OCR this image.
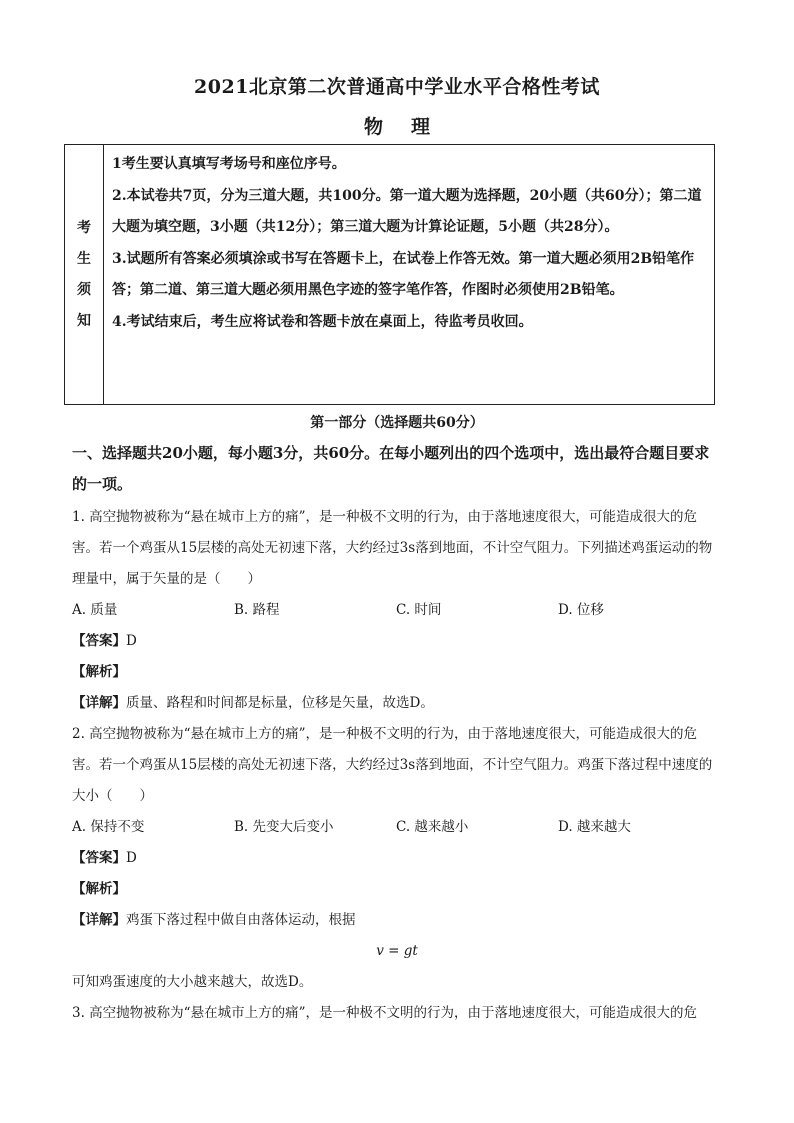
2021北京第二次普通高中学业水平合格性考试
物理
考
生
须
知

1考生要认真填写考场号和座位序号。

2.本试卷共7页，分为三道大题，共100分。第一道大题为选择题，20小题（共60分）；第二道大题为填空题，3小题（共12分）；第三道大题为计算论证题，5小题（共28分）。

3.试题所有答案必须填涂或书写在答题卡上，在试卷上作答无效。第一道大题必须用2B铅笔作答；第二道、第三道大题必须用黑色字迹的签字笔作答，作图时必须使用2B铅笔。

4.考试结束后，考生应将试卷和答题卡放在桌面上，待监考员收回。

第一部分（选择题共60分）
一、选择题共20小题，每小题3分，共60分。在每小题列出的四个选项中，选出最符合题目要求的一项。

1. 高空抛物被称为“悬在城市上方的痛”，是一种极不文明的行为，由于落地速度很大，可能造成很大的危害。若一个鸡蛋从15层楼的高处无初速下落，大约经过3s落到地面，不计空气阻力。下列描述鸡蛋运动的物理量中，属于矢量的是（　　）

A. 质量	B. 路程	C. 时间	D. 位移

【答案】D

【解析】

【详解】质量、路程和时间都是标量，位移是矢量，故选D。

2. 高空抛物被称为“悬在城市上方的痛”，是一种极不文明的行为，由于落地速度很大，可能造成很大的危害。若一个鸡蛋从15层楼的高处无初速下落，大约经过3s落到地面，不计空气阻力。鸡蛋下落过程中速度的大小（　　）

A. 保持不变	B. 先变大后变小	C. 越来越小	D. 越来越大

【答案】D

【解析】

【详解】鸡蛋下落过程中做自由落体运动，根据

v = gt

可知鸡蛋速度的大小越来越大，故选D。

3. 高空抛物被称为“悬在城市上方的痛”，是一种极不文明的行为，由于落地速度很大，可能造成很大的危
